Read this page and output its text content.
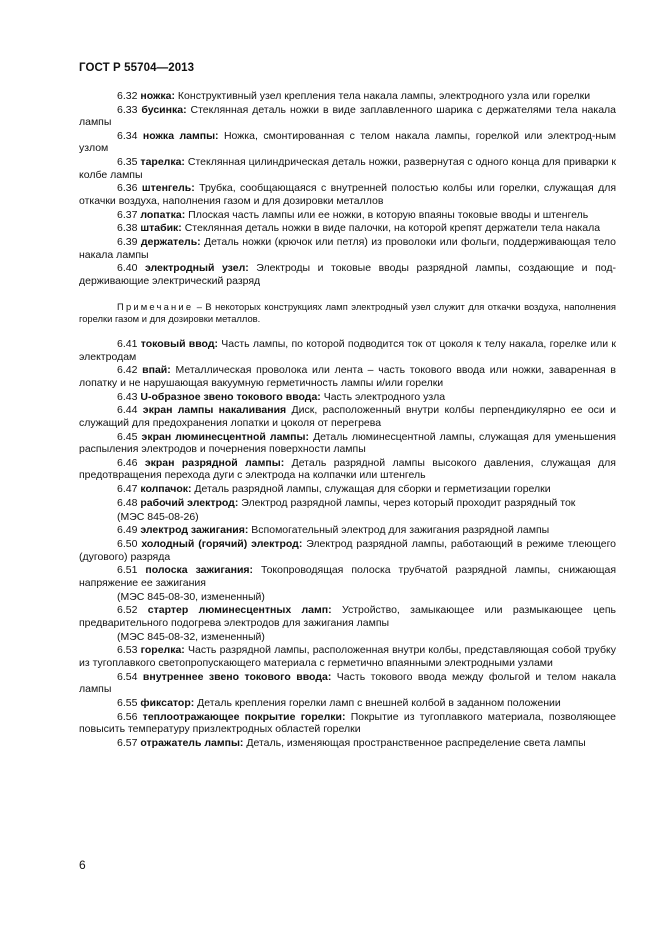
ГОСТ Р 55704—2013

6.32 ножка: Конструктивный узел крепления тела накала лампы, электродного узла или горелки

6.33 бусинка: Стеклянная деталь ножки в виде заплавленного шарика с держателями тела накала лампы

6.34 ножка лампы: Ножка, смонтированная с телом накала лампы, горелкой или электрод-ным узлом

6.35 тарелка: Стеклянная цилиндрическая деталь ножки, развернутая с одного конца для приварки к колбе лампы

6.36 штенгель: Трубка, сообщающаяся с внутренней полостью колбы или горелки, служащая для откачки воздуха, наполнения газом и для дозировки металлов

6.37 лопатка: Плоская часть лампы или ее ножки, в которую впаяны токовые вводы и штенгель

6.38 штабик: Стеклянная деталь ножки в виде палочки, на которой крепят держатели тела накала

6.39 держатель: Деталь ножки (крючок или петля) из проволоки или фольги, поддерживающая тело накала лампы

6.40 электродный узел: Электроды и токовые вводы разрядной лампы, создающие и под-держивающие электрический разряд

Примечание – В некоторых конструкциях ламп электродный узел служит для откачки воздуха, наполнения горелки газом и для дозировки металлов.

6.41 токовый ввод: Часть лампы, по которой подводится ток от цоколя к телу накала, горелке или к электродам

6.42 впай: Металлическая проволока или лента – часть токового ввода или ножки, заваренная в лопатку и не нарушающая вакуумную герметичность лампы и/или горелки

6.43 U-образное звено токового ввода: Часть электродного узла

6.44 экран лампы накаливания Диск, расположенный внутри колбы перпендикулярно ее оси и служащий для предохранения лопатки и цоколя от перегрева

6.45 экран люминесцентной лампы: Деталь люминесцентной лампы, служащая для уменьшения распыления электродов и почернения поверхности лампы

6.46 экран разрядной лампы: Деталь разрядной лампы высокого давления, служащая для предотвращения перехода дуги с электрода на колпачки или штенгель

6.47 колпачок: Деталь разрядной лампы, служащая для сборки и герметизации горелки

6.48 рабочий электрод: Электрод разрядной лампы, через который проходит разрядный ток

(МЭС 845-08-26)

6.49 электрод зажигания: Вспомогательный электрод для зажигания разрядной лампы

6.50 холодный (горячий) электрод: Электрод разрядной лампы, работающий в режиме тлеющего (дугового) разряда

6.51 полоска зажигания: Токопроводящая полоска трубчатой разрядной лампы, снижающая напряжение ее зажигания

(МЭС 845-08-30, измененный)

6.52 стартер люминесцентных ламп: Устройство, замыкающее или размыкающее цепь предварительного подогрева электродов для зажигания лампы

(МЭС 845-08-32, измененный)

6.53 горелка: Часть разрядной лампы, расположенная внутри колбы, представляющая собой трубку из тугоплавкого светопропускающего материала с герметично впаянными электродными узлами

6.54 внутреннее звено токового ввода: Часть токового ввода между фольгой и телом накала лампы

6.55 фиксатор: Деталь крепления горелки ламп с внешней колбой в заданном положении

6.56 теплоотражающее покрытие горелки: Покрытие из тугоплавкого материала, позволяющее повысить температуру призлектродных областей горелки

6.57 отражатель лампы: Деталь, изменяющая пространственное распределение света лампы

6
